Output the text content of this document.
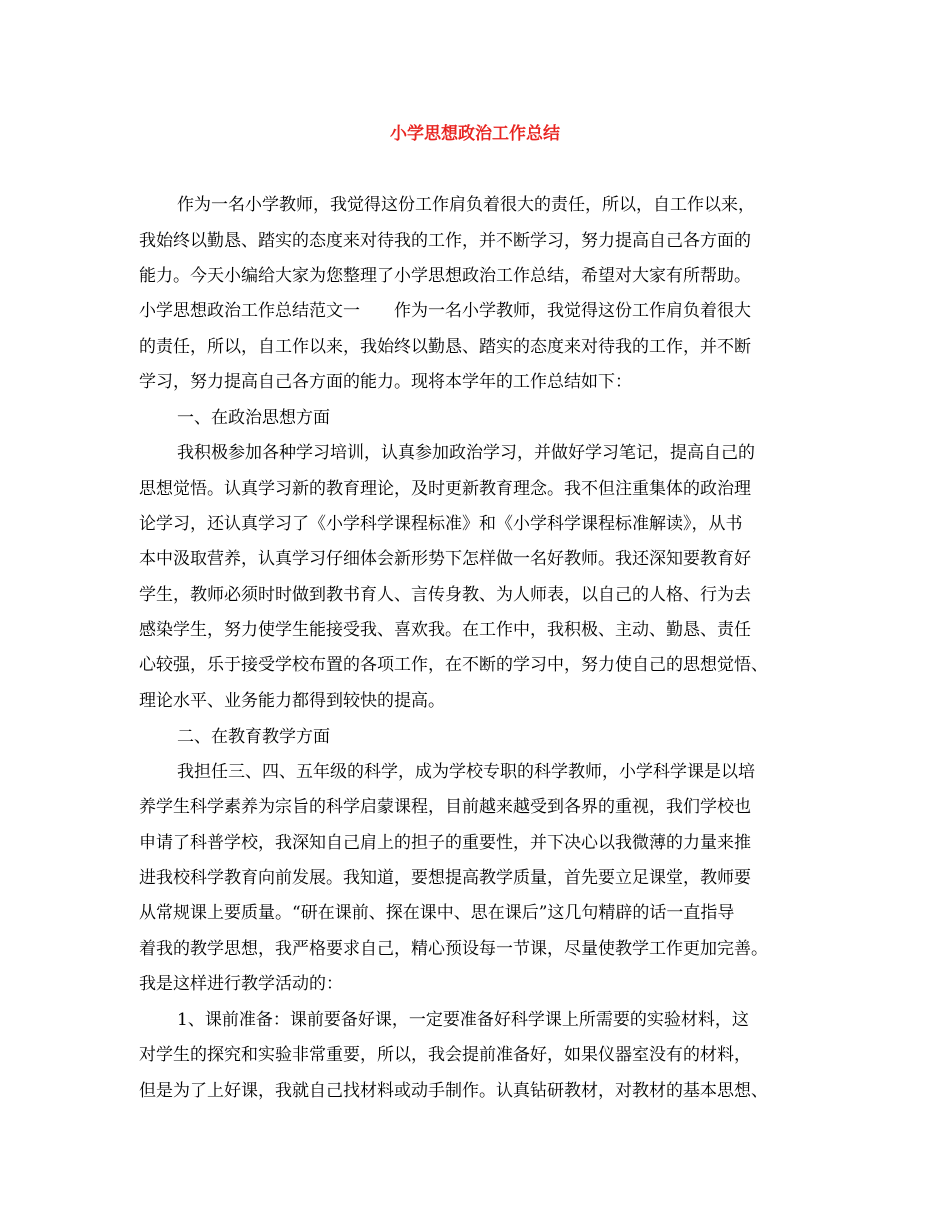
小学思想政治工作总结
作为一名小学教师，我觉得这份工作肩负着很大的责任，所以，自工作以来，
我始终以勤恳、踏实的态度来对待我的工作，并不断学习，努力提高自己各方面的
能力。今天小编给大家为您整理了小学思想政治工作总结，希望对大家有所帮助。
小学思想政治工作总结范文一　　作为一名小学教师，我觉得这份工作肩负着很大
的责任，所以，自工作以来，我始终以勤恳、踏实的态度来对待我的工作，并不断
学习，努力提高自己各方面的能力。现将本学年的工作总结如下：
一、在政治思想方面
我积极参加各种学习培训，认真参加政治学习，并做好学习笔记，提高自己的
思想觉悟。认真学习新的教育理论，及时更新教育理念。我不但注重集体的政治理
论学习，还认真学习了《小学科学课程标准》和《小学科学课程标准解读》，从书
本中汲取营养，认真学习仔细体会新形势下怎样做一名好教师。我还深知要教育好
学生，教师必须时时做到教书育人、言传身教、为人师表，以自己的人格、行为去
感染学生，努力使学生能接受我、喜欢我。在工作中，我积极、主动、勤恳、责任
心较强，乐于接受学校布置的各项工作，在不断的学习中，努力使自己的思想觉悟、
理论水平、业务能力都得到较快的提高。
二、在教育教学方面
我担任三、四、五年级的科学，成为学校专职的科学教师，小学科学课是以培
养学生科学素养为宗旨的科学启蒙课程，目前越来越受到各界的重视，我们学校也
申请了科普学校，我深知自己肩上的担子的重要性，并下决心以我微薄的力量来推
进我校科学教育向前发展。我知道，要想提高教学质量，首先要立足课堂，教师要
从常规课上要质量。“研在课前、探在课中、思在课后”这几句精辟的话一直指导
着我的教学思想，我严格要求自己，精心预设每一节课，尽量使教学工作更加完善。
我是这样进行教学活动的：
1、课前准备：课前要备好课，一定要准备好科学课上所需要的实验材料，这
对学生的探究和实验非常重要，所以，我会提前准备好，如果仪器室没有的材料，
但是为了上好课，我就自己找材料或动手制作。认真钻研教材，对教材的基本思想、
